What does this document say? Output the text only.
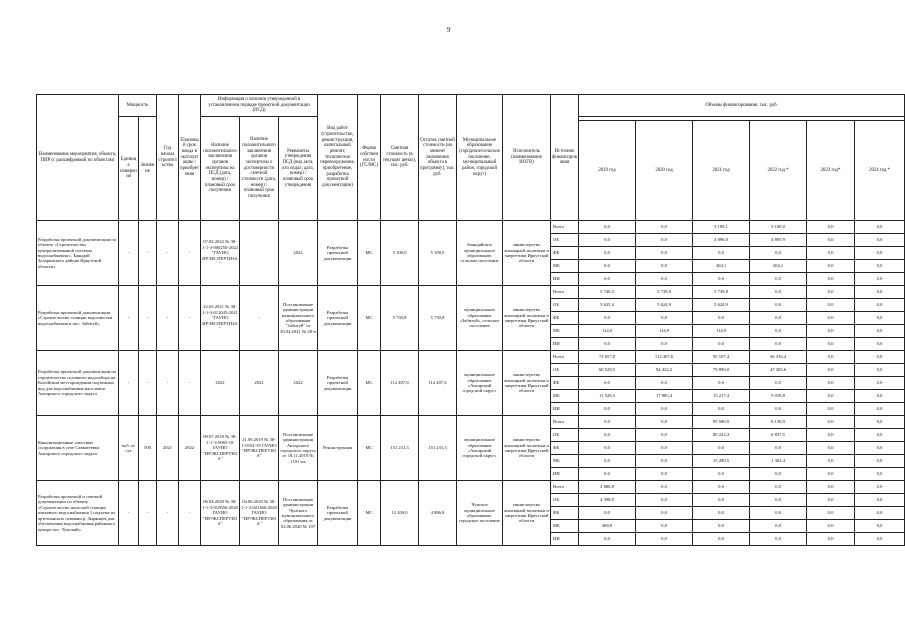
9
Наименование мероприятия, объекта, ПИР (с расшифровкой по объектам)	Мощность		Год начала строительства	Плановый срок ввода в эксплуатацию / приобретения	Информация о наличии утвержденной в установленном порядке проектной документации (ПСД)			Вид работ (строительство, реконструкция, капитальный ремонт, техническое перевооружение, приобретение, разработка проектной документации)	Форма собственности (ГС/МС)	Сметная стоимость (в текущих ценах), тыс. руб.	Остаток сметной стоимости (на момент включения объекта в программу), тыс. руб.	Муниципальное образование (городское/сельское поселение, муниципальный район, городской округ)	Исполнитель (наименование ИОГВ)	Источник финансирования	Объемы финансирования, тыс. руб.					
	Единица измерения	Значение			Наличие положительного заключения органов экспертизы на ПСД (дата, номер) / плановый срок получения	Наличие положительного заключения органов экспертизы о достоверности сметной стоимости (дата, номер) / плановый срок получения	Реквизиты утверждения ПСД (вид акта, кто издал, дата, номер) / плановый срок утверждения													
															2019 год	2020 год	2021 год	2022 год *	2023 год*	2024 год *
Разработка проектной документации по объекту «Строительство централизованной системы водоснабжения с. Баяндай Заларинского района Иркутской области»	-	-	-	-	07.02.2022 № 38-1-1-3-006250-2022 "ГАУИО ИРЭКСПЕРТИЗА"		2022	Разработка проектной документации	МС	5 100,0	5 100,0	Баяндайское муниципальное образование, сельское поселение	министерство жилищной политики и энергетики Иркутской области	Всего	0,0	0,0	5 100,1	5 100,0	0,0	0,0
														ОБ	0,0	0,0	4 896,0	4 895,9	0,0	0,0
														ФБ	0,0	0,0	0,0	0,0	0,0	0,0
														МБ	0,0	0,0	204,1	204,1	0,0	0,0
														ИИ	0,0	0,0	0,0	0,0	0,0	0,0
Разработка проектной документации «Строительство станции водоочистки водоснабжения в пос. Забитуй»	-	-	-	-	22.03.2021 № 38-1-1-3-012645-2021 "ГАУИО ИРЭКСПЕРТИЗА"	-	Постановление администрации муниципального образования "Забитуй" от 30.04.2021 № 28-п	Разработка проектной документации	МС	5 739,8	5 739,8	муниципальное образование «Забитуй», сельское поселение	министерство жилищной политики и энергетики Иркутской области	Всего	5 740,3	5 739,8	5 739,8	0,0	0,0	0,0
														ОБ	5 625,4	5 624,9	5 624,9	0,0	0,0	0,0
														ФБ	0,0	0,0	0,0	0,0	0,0	0,0
														МБ	114,9	114,9	114,9	0,0	0,0	0,0
														ИИ	0,0	0,0	0,0	0,0	0,0	0,0
Разработка проектной документации на строительство головного водозабора на Китойском месторождении подземных вод для водоснабжения населения Ангарского городского округа	-	-	-	-	2022	2022	2022	Разработка проектной документации	МС	112 407,6	112 407,6	муниципальное образование «Ангарский городской округ»	министерство жилищной политики и энергетики Иркутской области	Всего	72 057,8	112 407,6	95 107,4	36 316,4	0,0	0,0
														ОБ	60 528,5	94 422,2	79 890,0	47 305,6	0,0	0,0
														ФБ	0,0	0,0	0,0	0,0	0,0	0,0
														МБ	11 529,3	17 985,4	15 217,4	9 010,8	0,0	0,0
														ИИ	0,0	0,0	0,0	0,0	0,0	0,0
Канализационные очистные сооружения в селе Савватеевка Ангарского городского округа	куб. м/сут	500	2021	2022	09.07.2018 № 38-1-1-3-0065-18 ГАУИО "ИРЭКСПЕРТИЗА"	21.06.2019 № 38-1-0554-19 ГАУИО "ИРЭКСПЕРТИЗА"	Постановление администрации Ангарского городского округа от 18.11.2019 № 1191-па	Реконструкция	МС	151 231,3	151 231,3	муниципальное образование «Ангарский городской округ»	министерство жилищной политики и энергетики Иркутской области	Всего	0,0	0,0	95 580,9	8 139,9	0,0	0,0
														ОБ	0,0	0,0	80 222,4	6 837,5	0,0	0,0
														ФБ	0,0	0,0	0,0	0,0	0,0	0,0
														МБ	0,0	0,0	15 280,5	1 302,4	0,0	0,0
														ИИ	0,0	0,0	0,0	0,0	0,0	0,0
Разработка проектной и сметной документации по объекту «Строительство насосной станции питьевого водоснабжения 1 подъема из артезианских скважин р. Зырянцев для обеспечения водоснабжения районного центра пос. Чунский»	-	-	-	-	06.04.2020 № 38-1-1-3-010656-2020 ГАУИО "ИРЭКСПЕРТИЗА"	04.06.2020 № 38-1-1-3-022466-2020 ГАУИО "ИРЭКСПЕРТИЗА"	Постановление администрации Чунского муниципального образования от 02.06.2020 № 197	Разработка проектной документации	МС	12 200,0	4 886,8	Чунское муниципальное образование, городское поселение	министерство жилищной политики и энергетики Иркутской области	Всего	4 886,8	0,0	0,0	0,0	0,0	0,0
														ОБ	4 398,0	0,0	0,0	0,0	0,0	0,0
														ФБ	0,0	0,0	0,0	0,0	0,0	0,0
														МБ	488,8	0,0	0,0	0,0	0,0	0,0
														ИИ	0,0	0,0	0,0	0,0	0,0	0,0
